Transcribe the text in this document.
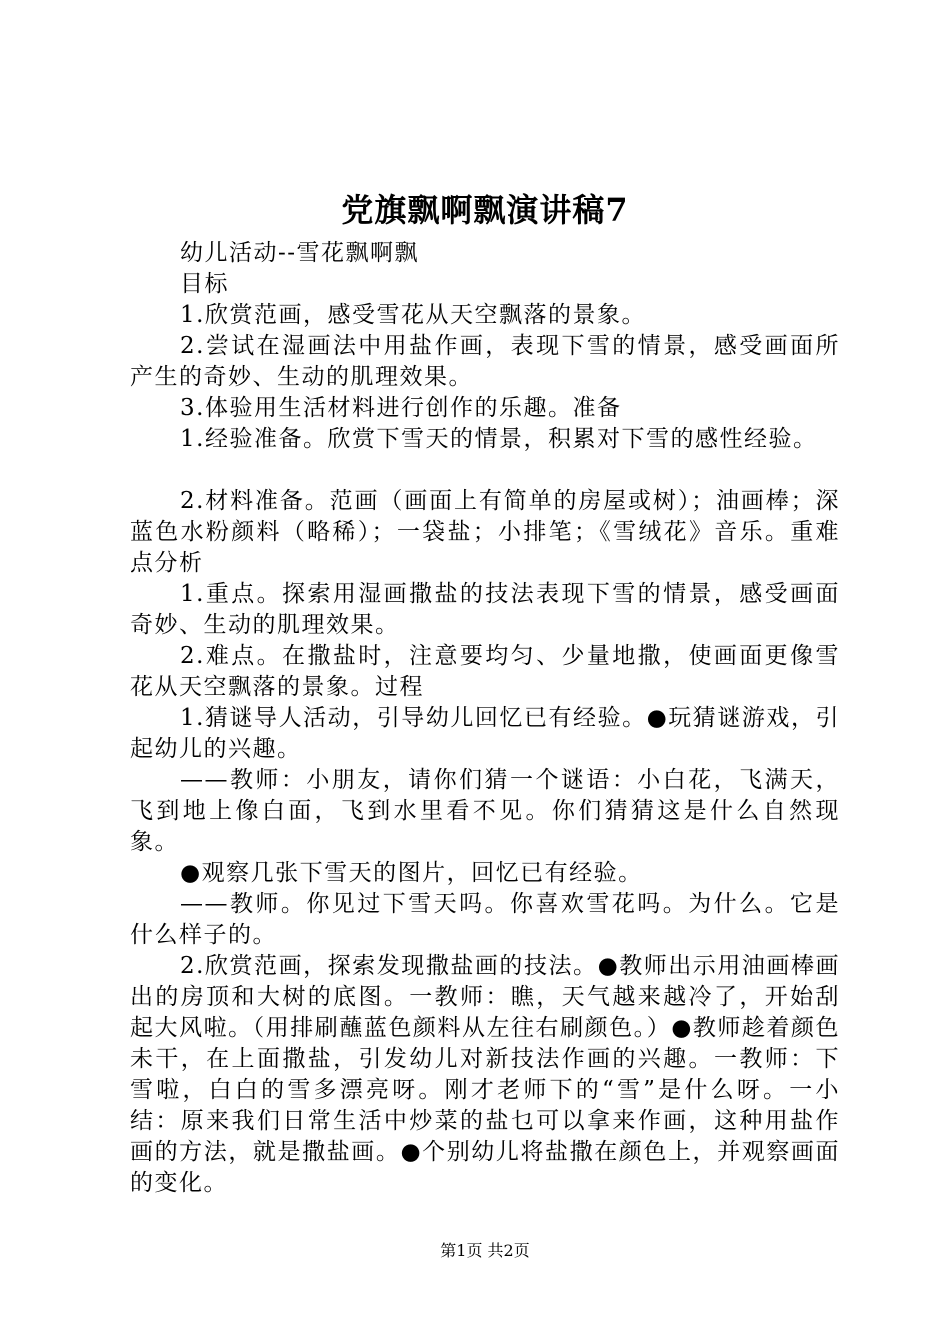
党旗飘啊飘演讲稿7

幼儿活动--雪花飘啊飘

目标

1.欣赏范画，感受雪花从天空飘落的景象。

2.尝试在湿画法中用盐作画，表现下雪的情景，感受画面所产生的奇妙、生动的肌理效果。

3.体验用生活材料进行创作的乐趣。准备

1.经验准备。欣赏下雪天的情景，积累对下雪的感性经验。

2.材料准备。范画（画面上有简单的房屋或树）；油画棒；深蓝色水粉颜料（略稀）；一袋盐；小排笔；《雪绒花》音乐。重难点分析

1.重点。探索用湿画撒盐的技法表现下雪的情景，感受画面奇妙、生动的肌理效果。

2.难点。在撒盐时，注意要均匀、少量地撒，使画面更像雪花从天空飘落的景象。过程

1.猜谜导人活动，引导幼儿回忆已有经验。●玩猜谜游戏，引起幼儿的兴趣。

——教师：小朋友，请你们猜一个谜语：小白花，飞满天，飞到地上像白面，飞到水里看不见。你们猜猜这是什么自然现象。

●观察几张下雪天的图片，回忆已有经验。

——教师。你见过下雪天吗。你喜欢雪花吗。为什么。它是什么样子的。

2.欣赏范画，探索发现撒盐画的技法。●教师出示用油画棒画出的房顶和大树的底图。一教师：瞧，天气越来越冷了，开始刮起大风啦。（用排刷蘸蓝色颜料从左往右刷颜色。）●教师趁着颜色未干，在上面撒盐，引发幼儿对新技法作画的兴趣。一教师：下雪啦，白白的雪多漂亮呀。刚才老师下的“雪”是什么呀。一小结：原来我们日常生活中炒菜的盐乜可以拿来作画，这种用盐作画的方法，就是撒盐画。●个别幼儿将盐撒在颜色上，并观察画面的变化。

第1页 共2页
